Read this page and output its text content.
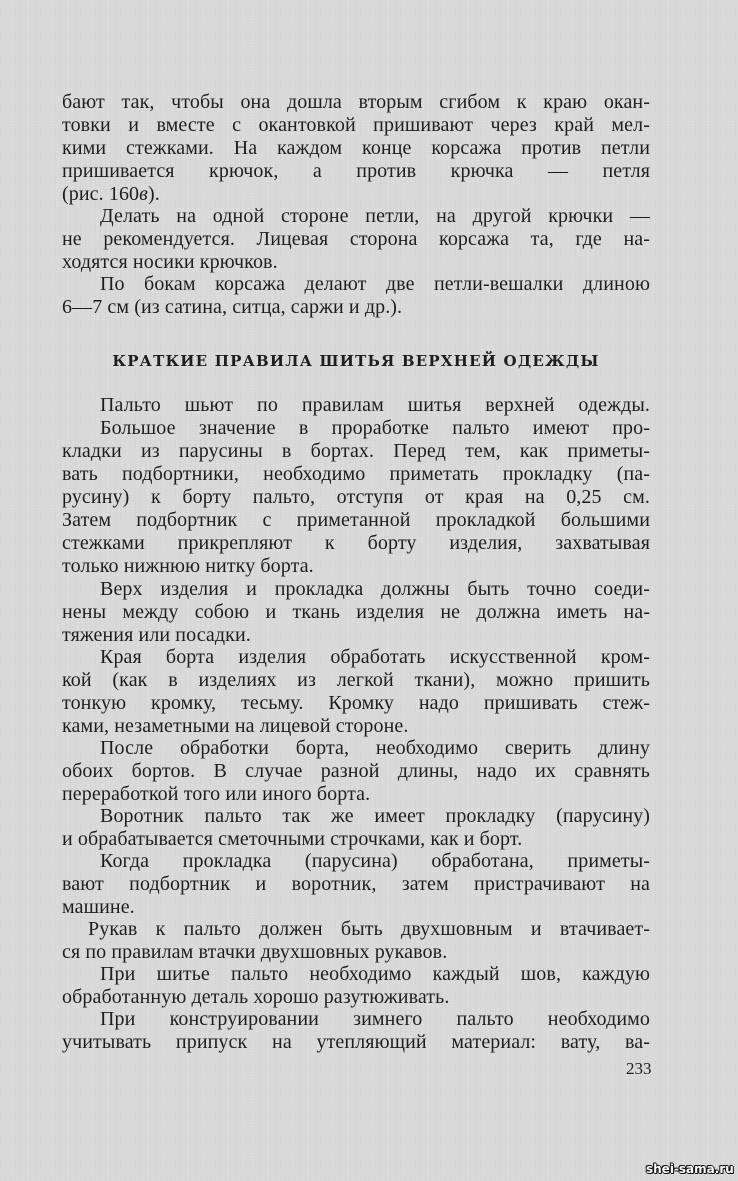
бают так, чтобы она дошла вторым сгибом к краю окан-
товки и вместе с окантовкой пришивают через край мел-
кими стежками. На каждом конце корсажа против петли
пришивается крючок, а против крючка — петля
(рис. 160в).
Делать на одной стороне петли, на другой крючки —
не рекомендуется. Лицевая сторона корсажа та, где на-
ходятся носики крючков.
По бокам корсажа делают две петли-вешалки длиною
6—7 см (из сатина, ситца, саржи и др.).
КРАТКИЕ ПРАВИЛА ШИТЬЯ ВЕРХНЕЙ ОДЕЖДЫ
Пальто шьют по правилам шитья верхней одежды.
Большое значение в проработке пальто имеют про-
кладки из парусины в бортах. Перед тем, как приметы-
вать подбортники, необходимо приметать прокладку (па-
русину) к борту пальто, отступя от края на 0,25 см.
Затем подбортник с приметанной прокладкой большими
стежками прикрепляют к борту изделия, захватывая
только нижнюю нитку борта.
Верх изделия и прокладка должны быть точно соеди-
нены между собою и ткань изделия не должна иметь на-
тяжения или посадки.
Края борта изделия обработать искусственной кром-
кой (как в изделиях из легкой ткани), можно пришить
тонкую кромку, тесьму. Кромку надо пришивать стеж-
ками, незаметными на лицевой стороне.
После обработки борта, необходимо сверить длину
обоих бортов. В случае разной длины, надо их сравнять
переработкой того или иного борта.
Воротник пальто так же имеет прокладку (парусину)
и обрабатывается сметочными строчками, как и борт.
Когда прокладка (парусина) обработана, приметы-
вают подбортник и воротник, затем пристрачивают на
машине.
Рукав к пальто должен быть двухшовным и втачивает-
ся по правилам втачки двухшовных рукавов.
При шитье пальто необходимо каждый шов, каждую
обработанную деталь хорошо разутюживать.
При конструировании зимнего пальто необходимо
учитывать припуск на утепляющий материал: вату, ва-
233
shei-sama.ru
